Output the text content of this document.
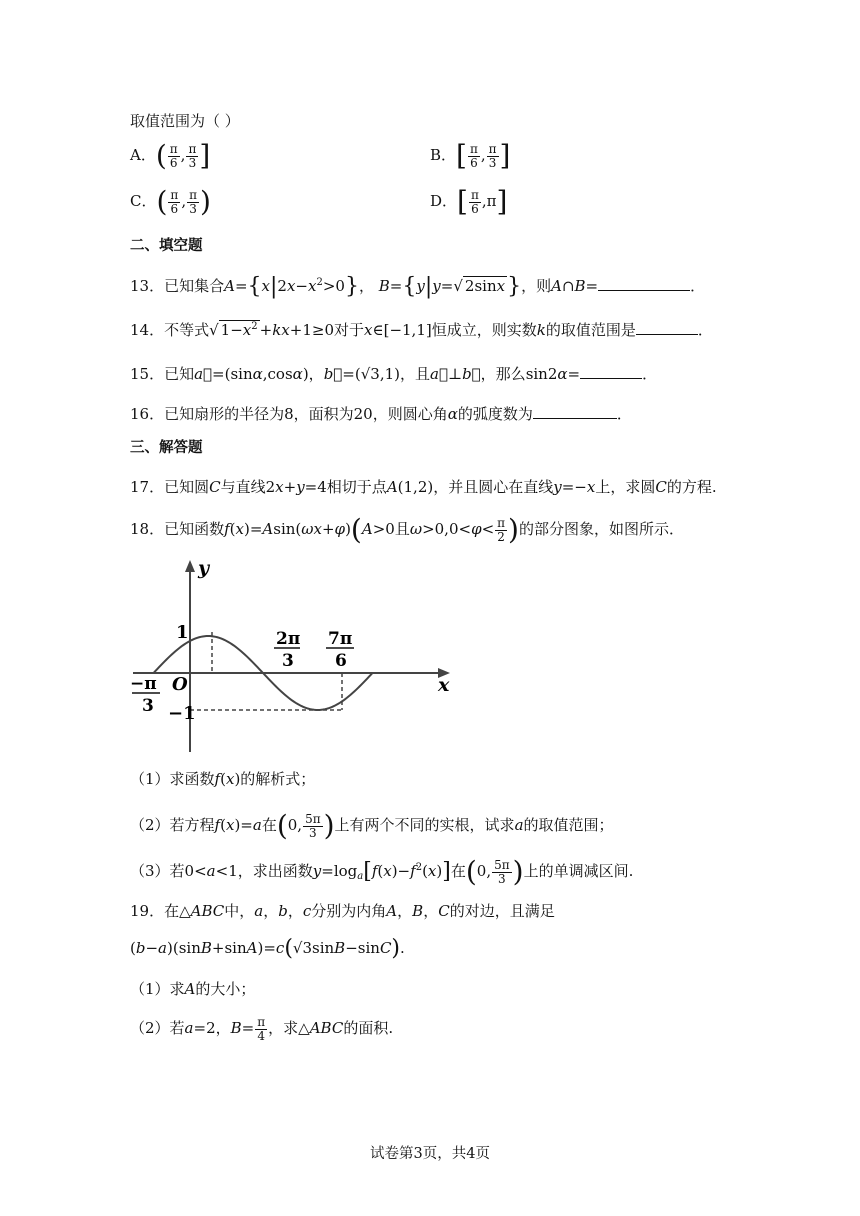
取值范围为（ ）
A．( $\frac{\pi}{6}$ , $\frac{\pi}{3}$ ]	B．[ $\frac{\pi}{6}$ , $\frac{\pi}{3}$ ]
C．( $\frac{\pi}{6}$ , $\frac{\pi}{3}$ )	D．[ $\frac{\pi}{6} ,\pi$]
二、填空题
13．已知集合$A=\{x|2x-x^2>0\}$， B={y|y=√ 2sinx}，则A∩B=	．
14．不等式√ $1-x^2 +kx+1\ge 0$对于x∈[−1,1]恒成立，则实数k的取值范围是	．
15．已知a⃗=(sinα,cosα)，b⃗=(√3,1)，且a⃗⊥b⃗，那么sin2α=	．
16．已知扇形的半径为8，面积为20，则圆心角α的弧度数为	．
三、解答题
17．已知圆C与直线2x+y=4相切于点A(1,2)，并且圆心在直线y=−x上，求圆C的方程.
18．已知函数f(x)=Asin(ωx+φ)(A>0且$\omega>0,0<\varphi< \frac{\pi}{2}$ )的部分图象，如图所示．
y
x
O
1
−1
2π
3
7π
6
−π
3
（1）求函数f(x)的解析式；
（2）若方程f(x)=a在(0, $\frac{5\pi}{3}$ )上有两个不同的实根，试求a的取值范围；
（3）若0<a<1，求出函数$y=\log_a[f(x)-f^2(x)]$在(0, $\frac{5\pi}{3}$ )上的单调减区间.
19．在△ABC中，a，b，c分别为内角A，B，C的对边，且满足
(b−a)(sinB+sinA)=c(√3sinB−sinC).
（1）求A的大小；
（2）若a=2，$B= \frac{\pi}{4}$ ，求△ABC的面积.
试卷第3页，共4页
